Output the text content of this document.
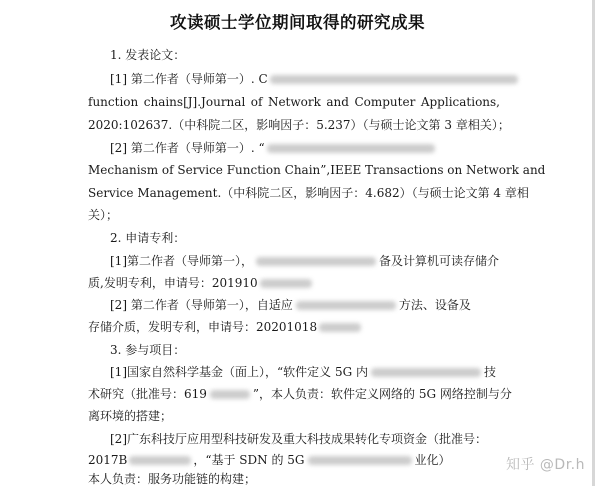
攻读硕士学位期间取得的研究成果
1. 发表论文：
[1] 第二作者（导师第一）. C
function chains[J].Journal of Network and Computer Applications,
2020:102637.（中科院二区，影响因子：5.237）（与硕士论文第 3 章相关）；
[2] 第二作者（导师第一）. “
Mechanism of Service Function Chain”,IEEE Transactions on Network and
Service Management.（中科院二区，影响因子：4.682）（与硕士论文第 4 章相
关）；
2. 申请专利：
[1]第二作者（导师第一），	备及计算机可读存储介
质,发明专利，申请号：201910
[2] 第二作者（导师第一），自适应	方法、设备及
存储介质，发明专利，申请号：20201018
3. 参与项目：
[1]国家自然科学基金（面上），“软件定义 5G 内	技
术研究（批准号：619	”，本人负责：软件定义网络的 5G 网络控制与分
离环境的搭建；
[2]广东科技厅应用型科技研发及重大科技成果转化专项资金（批准号：
2017B	，“基于 SDN 的 5G	业化）
本人负责：服务功能链的构建；
知乎 @Dr.h
